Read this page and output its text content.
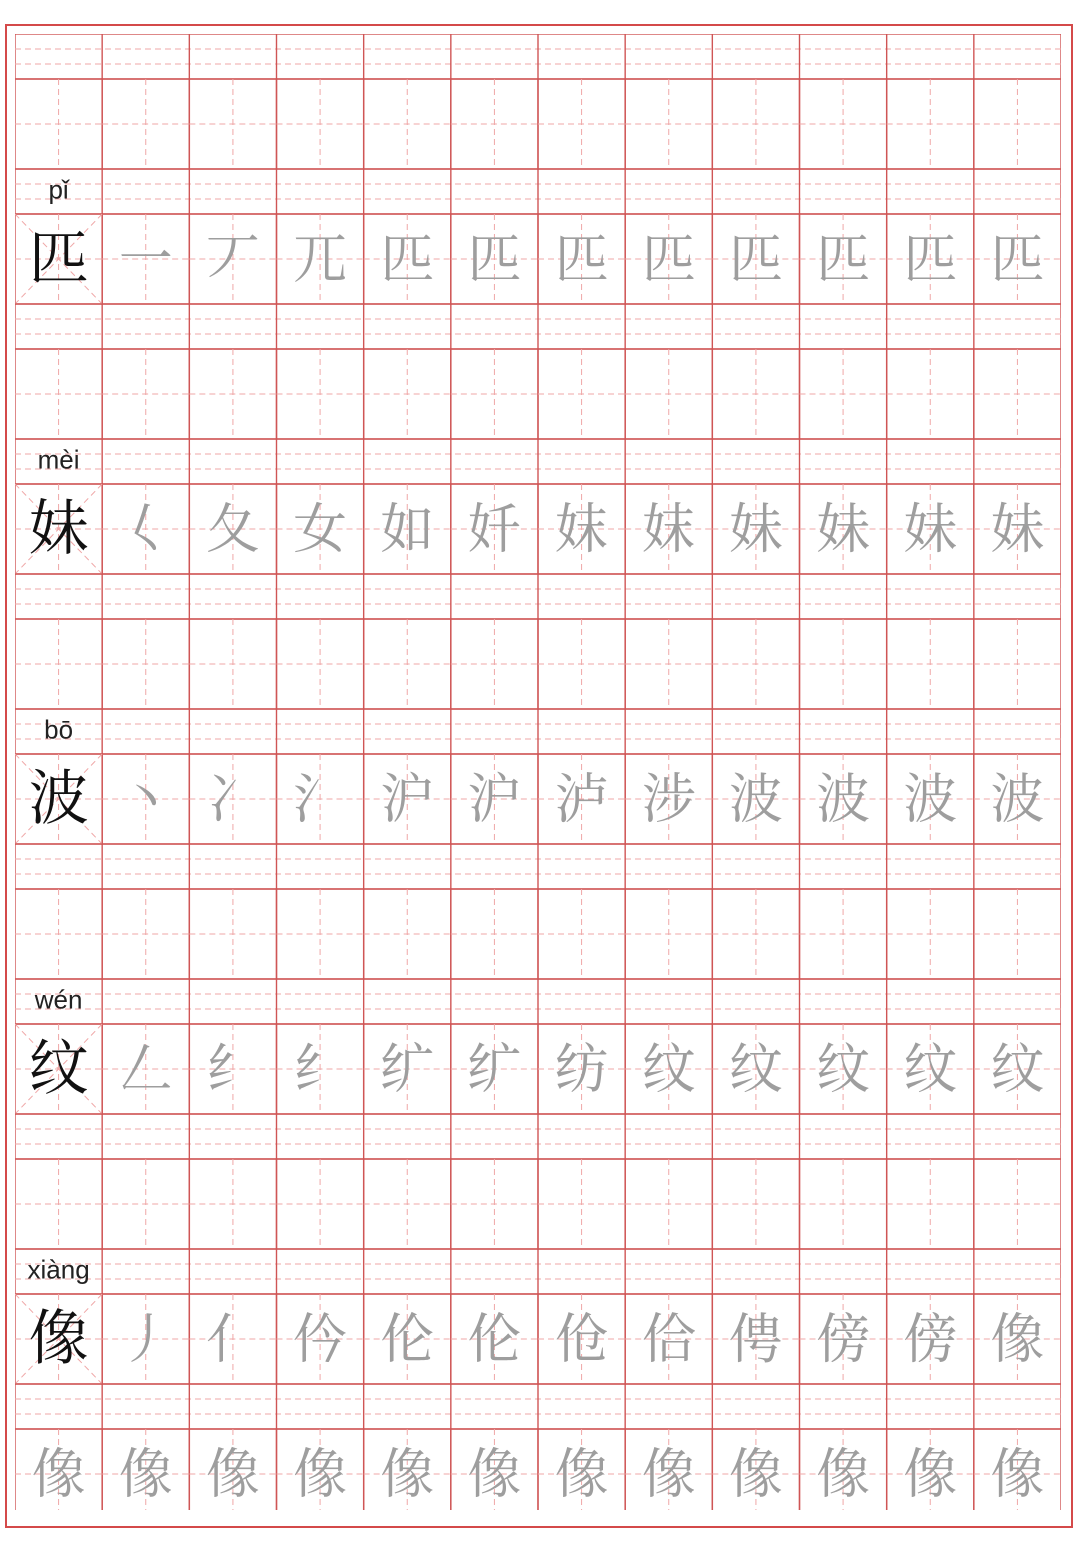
pǐ
匹 一 丆 兀 匹 匹 匹 匹 匹 匹 匹 匹
mèi
妹 𡿨 夂 女 如 奷 妺 妺 妹 妹 妹 妹
bō
波 丶 冫 氵 沪 沪 泸 涉 波 波 波 波
wén
纹 𠃋 纟 纟 纩 纩 纺 纹 纹 纹 纹 纹
xiàng
像 丿 亻 仱 伦 伦 伧 佮 俜 傍 傍 像
像 像 像 像 像 像 像 像 像 像 像 像
